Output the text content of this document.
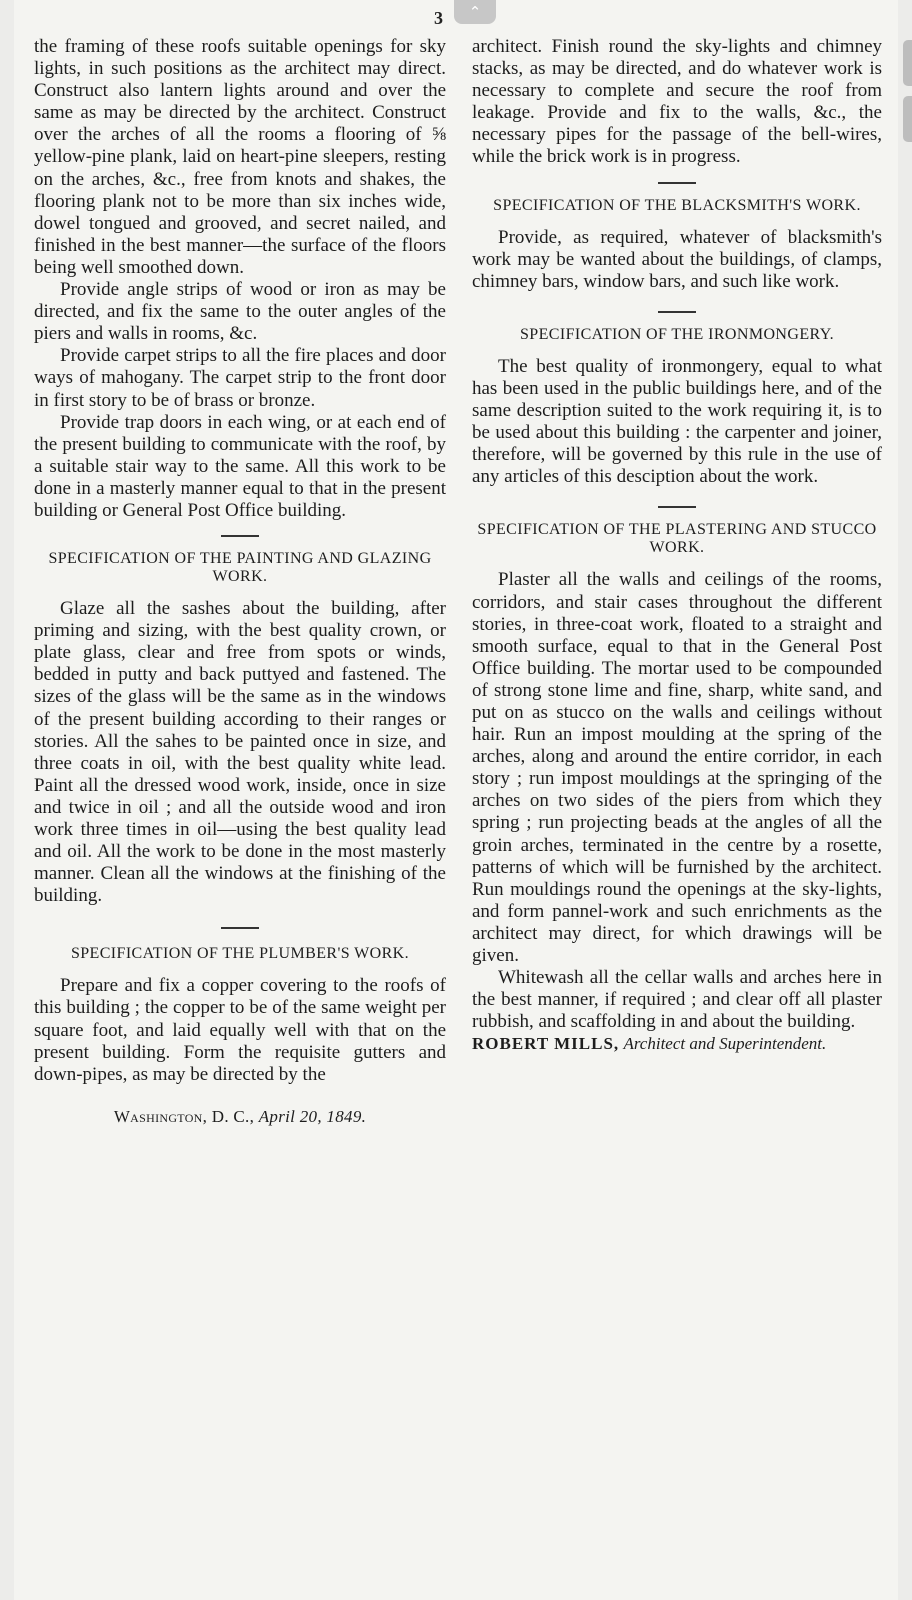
⌃
3

the framing of these roofs suitable openings for sky lights, in such positions as the architect may direct. Construct also lantern lights around and over the same as may be directed by the architect. Construct over the arches of all the rooms a flooring of ⅝ yellow-pine plank, laid on heart-pine sleepers, resting on the arches, &c., free from knots and shakes, the flooring plank not to be more than six inches wide, dowel tongued and grooved, and secret nailed, and finished in the best manner—the surface of the floors being well smoothed down.

Provide angle strips of wood or iron as may be directed, and fix the same to the outer angles of the piers and walls in rooms, &c.

Provide carpet strips to all the fire places and door ways of mahogany. The carpet strip to the front door in first story to be of brass or bronze.

Provide trap doors in each wing, or at each end of the present building to communicate with the roof, by a suitable stair way to the same. All this work to be done in a masterly manner equal to that in the present building or General Post Office building.

SPECIFICATION OF THE PAINTING AND GLAZING WORK.

Glaze all the sashes about the building, after priming and sizing, with the best quality crown, or plate glass, clear and free from spots or winds, bedded in putty and back puttyed and fastened. The sizes of the glass will be the same as in the windows of the present building according to their ranges or stories. All the sahes to be painted once in size, and three coats in oil, with the best quality white lead. Paint all the dressed wood work, inside, once in size and twice in oil ; and all the outside wood and iron work three times in oil—using the best quality lead and oil. All the work to be done in the most masterly manner. Clean all the windows at the finishing of the building.

SPECIFICATION OF THE PLUMBER'S WORK.

Prepare and fix a copper covering to the roofs of this building ; the copper to be of the same weight per square foot, and laid equally well with that on the present building. Form the requisite gutters and down-pipes, as may be directed by the

Washington, D. C., April 20, 1849.

architect. Finish round the sky-lights and chimney stacks, as may be directed, and do whatever work is necessary to complete and secure the roof from leakage. Provide and fix to the walls, &c., the necessary pipes for the passage of the bell-wires, while the brick work is in progress.

SPECIFICATION OF THE BLACKSMITH'S WORK.

Provide, as required, whatever of blacksmith's work may be wanted about the buildings, of clamps, chimney bars, window bars, and such like work.

SPECIFICATION OF THE IRONMONGERY.

The best quality of ironmongery, equal to what has been used in the public buildings here, and of the same description suited to the work requiring it, is to be used about this building : the carpenter and joiner, therefore, will be governed by this rule in the use of any articles of this desciption about the work.

SPECIFICATION OF THE PLASTERING AND STUCCO WORK.

Plaster all the walls and ceilings of the rooms, corridors, and stair cases throughout the different stories, in three-coat work, floated to a straight and smooth surface, equal to that in the General Post Office building. The mortar used to be compounded of strong stone lime and fine, sharp, white sand, and put on as stucco on the walls and ceilings without hair. Run an impost moulding at the spring of the arches, along and around the entire corridor, in each story ; run impost mouldings at the springing of the arches on two sides of the piers from which they spring ; run projecting beads at the angles of all the groin arches, terminated in the centre by a rosette, patterns of which will be furnished by the architect. Run mouldings round the openings at the sky-lights, and form pannel-work and such enrichments as the architect may direct, for which drawings will be given.

Whitewash all the cellar walls and arches here in the best manner, if required ; and clear off all plaster rubbish, and scaffolding in and about the building.

ROBERT MILLS, Architect and Superintendent.
